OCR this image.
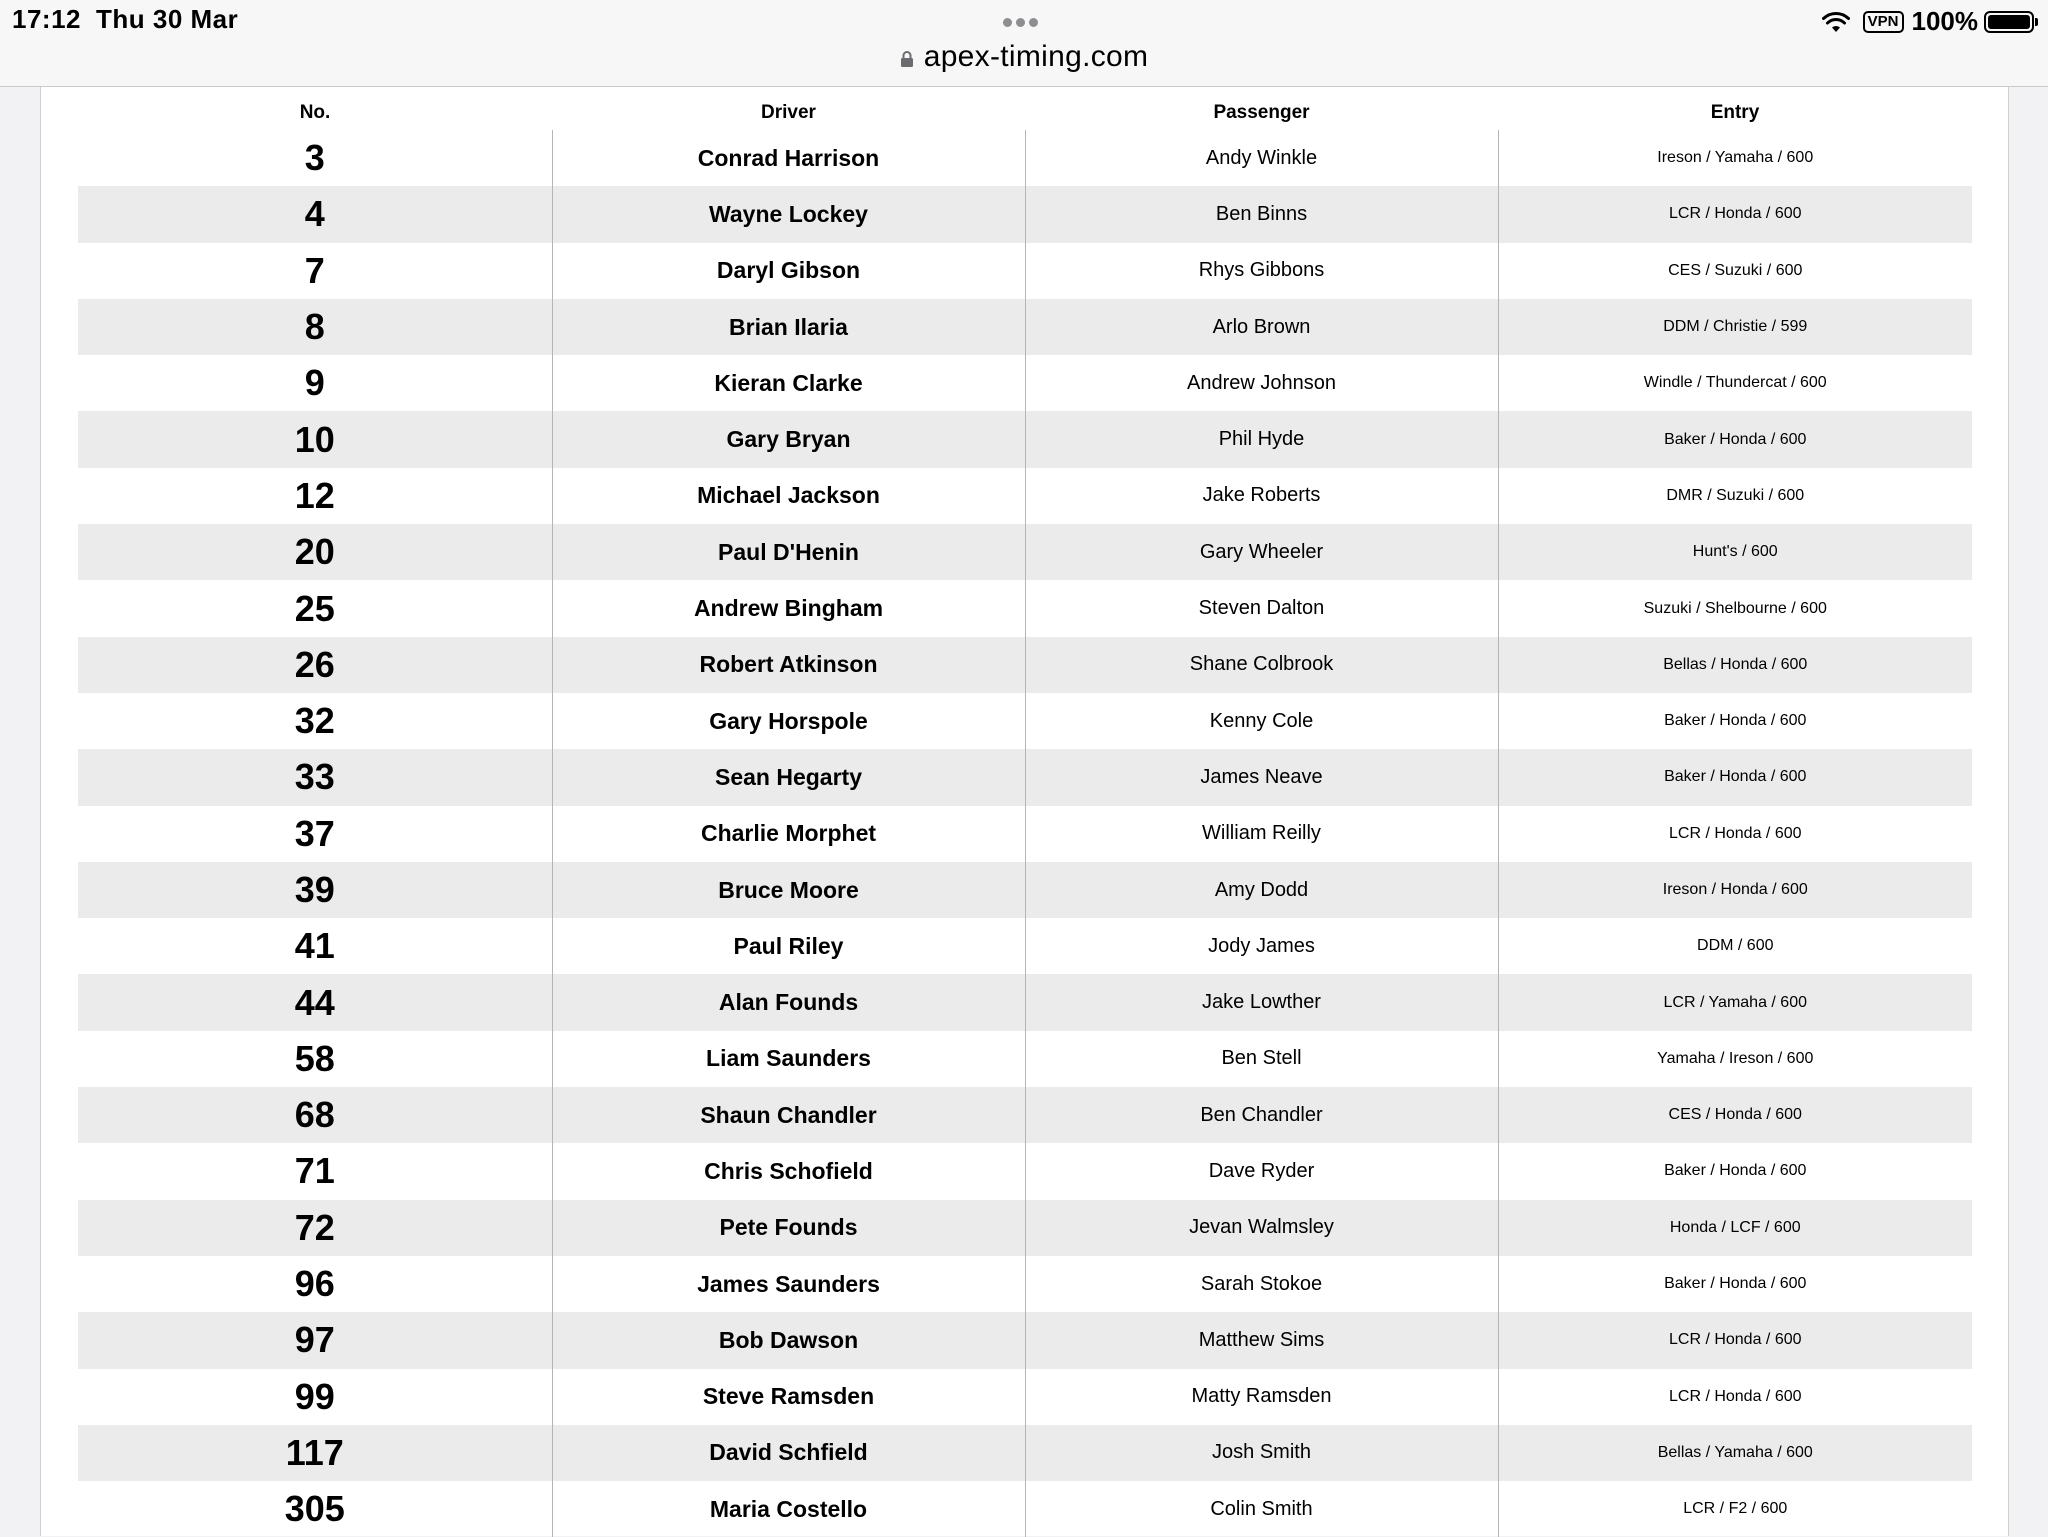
17:12 Thu 30 Mar	VPN 100%
apex-timing.com
No.	Driver	Passenger	Entry
3	Conrad Harrison	Andy Winkle	Ireson / Yamaha / 600
4	Wayne Lockey	Ben Binns	LCR / Honda / 600
7	Daryl Gibson	Rhys Gibbons	CES / Suzuki / 600
8	Brian Ilaria	Arlo Brown	DDM / Christie / 599
9	Kieran Clarke	Andrew Johnson	Windle / Thundercat / 600
10	Gary Bryan	Phil Hyde	Baker / Honda / 600
12	Michael Jackson	Jake Roberts	DMR / Suzuki / 600
20	Paul D'Henin	Gary Wheeler	Hunt's / 600
25	Andrew Bingham	Steven Dalton	Suzuki / Shelbourne / 600
26	Robert Atkinson	Shane Colbrook	Bellas / Honda / 600
32	Gary Horspole	Kenny Cole	Baker / Honda / 600
33	Sean Hegarty	James Neave	Baker / Honda / 600
37	Charlie Morphet	William Reilly	LCR / Honda / 600
39	Bruce Moore	Amy Dodd	Ireson / Honda / 600
41	Paul Riley	Jody James	DDM / 600
44	Alan Founds	Jake Lowther	LCR / Yamaha / 600
58	Liam Saunders	Ben Stell	Yamaha / Ireson / 600
68	Shaun Chandler	Ben Chandler	CES / Honda / 600
71	Chris Schofield	Dave Ryder	Baker / Honda / 600
72	Pete Founds	Jevan Walmsley	Honda / LCF / 600
96	James Saunders	Sarah Stokoe	Baker / Honda / 600
97	Bob Dawson	Matthew Sims	LCR / Honda / 600
99	Steve Ramsden	Matty Ramsden	LCR / Honda / 600
117	David Schfield	Josh Smith	Bellas / Yamaha / 600
305	Maria Costello	Colin Smith	LCR / F2 / 600
